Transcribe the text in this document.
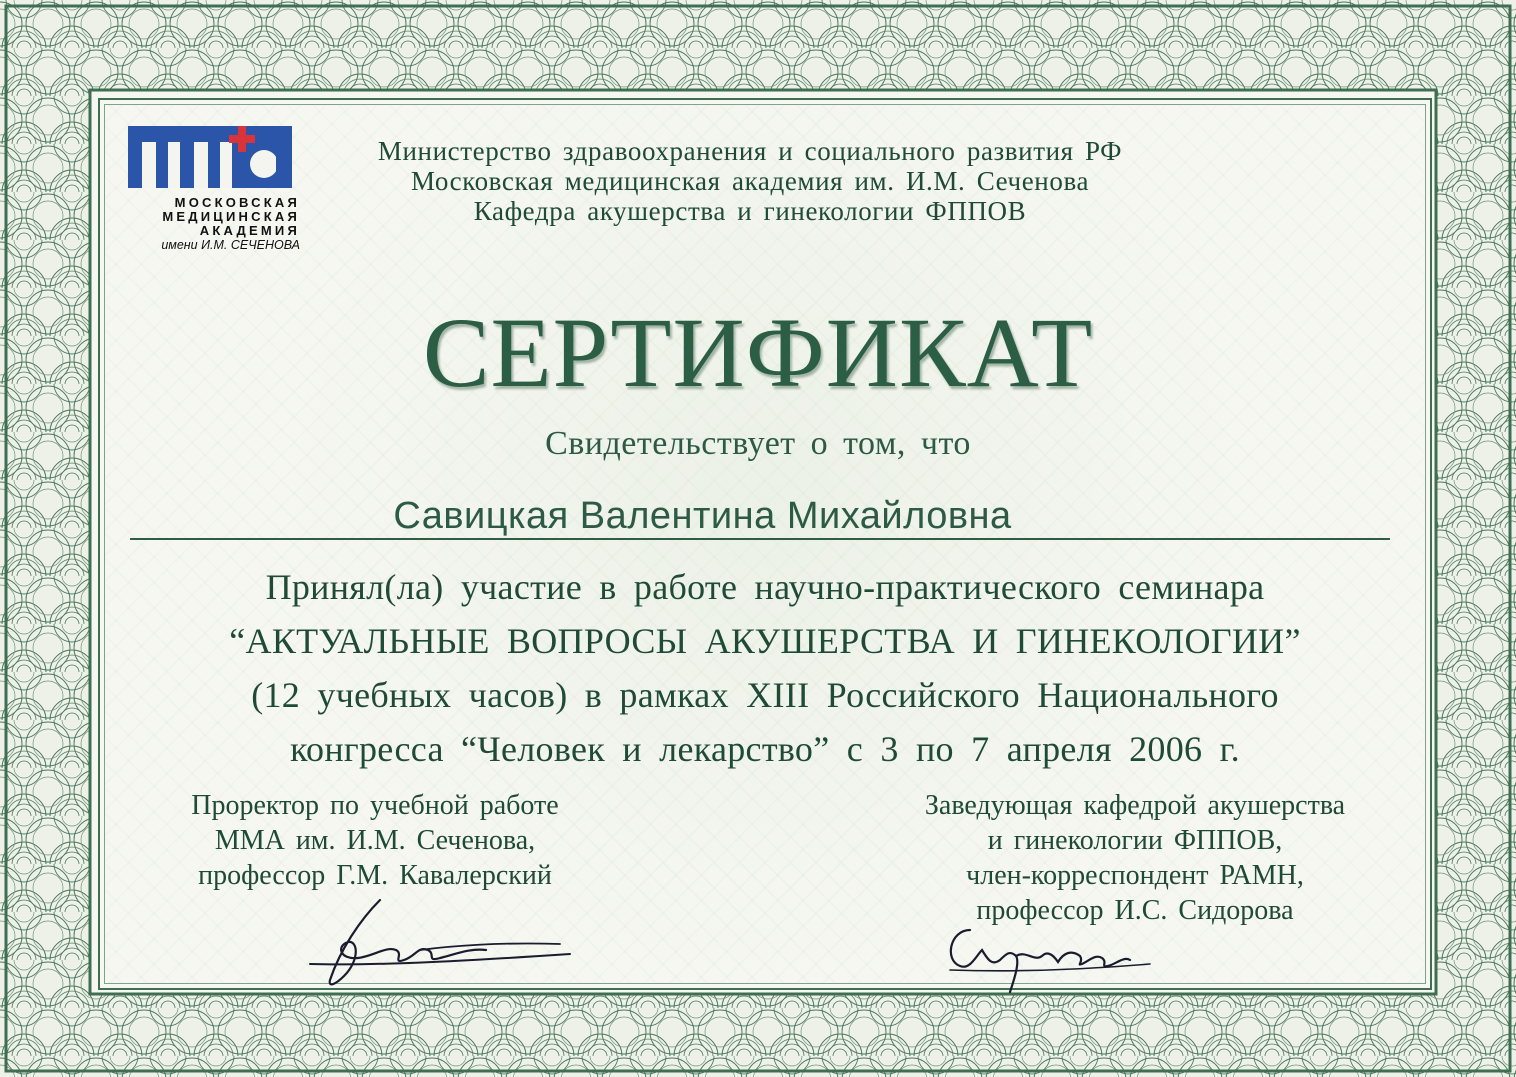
МОСКОВСКАЯ
МЕДИЦИНСКАЯ
АКАДЕМИЯ
имени И.М. СЕЧЕНОВА
Министерство здравоохранения и социального развития РФ
Московская медицинская академия им. И.М. Сеченова
Кафедра акушерства и гинекологии ФППОВ
СЕРТИФИКАТ
Свидетельствует о том, что
Савицкая Валентина Михайловна
Принял(ла) участие в работе научно-практического семинара
“АКТУАЛЬНЫЕ ВОПРОСЫ АКУШЕРСТВА И ГИНЕКОЛОГИИ”
(12 учебных часов) в рамках XIII Российского Национального
конгресса “Человек и лекарство” с 3 по 7 апреля 2006 г.
Проректор по учебной работе
ММА им. И.М. Сеченова,
профессор Г.М. Кавалерский
Заведующая кафедрой акушерства
и гинекологии ФППОВ,
член-корреспондент РАМН,
профессор И.С. Сидорова
